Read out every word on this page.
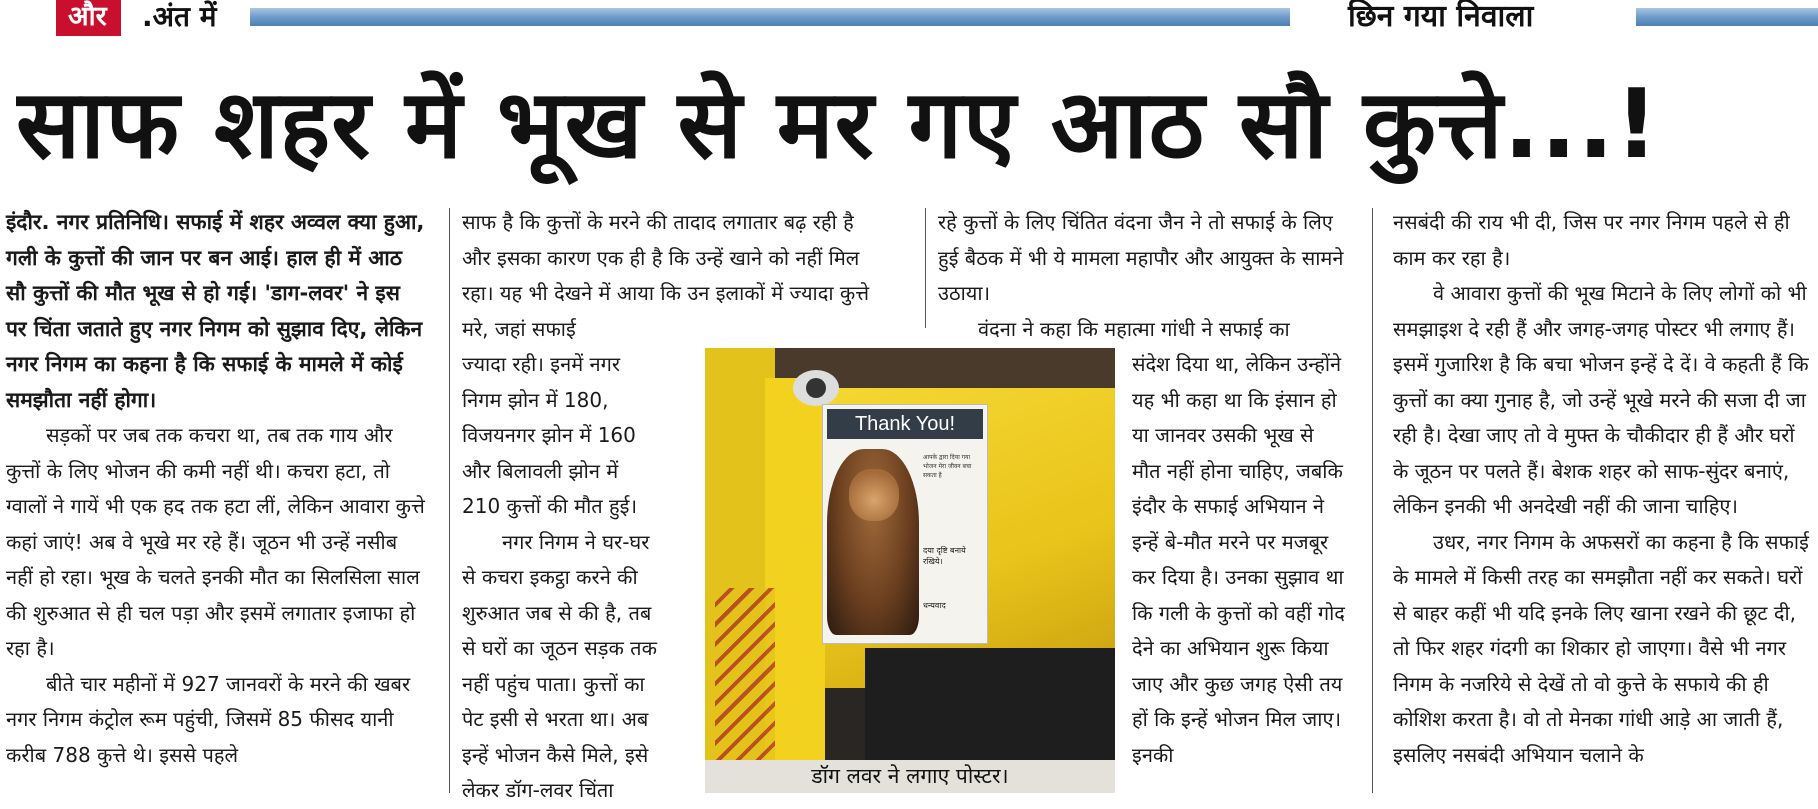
और	.अंत में	छिन गया निवाला
साफ शहर में भूख से मर गए आठ सौ कुत्ते...!

इंदौर. नगर प्रतिनिधि। सफाई में शहर अव्वल क्या हुआ, गली के कुत्तों की जान पर बन आई। हाल ही में आठ सौ कुत्तों की मौत भूख से हो गई। 'डाग-लवर' ने इस पर चिंता जताते हुए नगर निगम को सुझाव दिए, लेकिन नगर निगम का कहना है कि सफाई के मामले में कोई समझौता नहीं होगा।

सड़कों पर जब तक कचरा था, तब तक गाय और कुत्तों के लिए भोजन की कमी नहीं थी। कचरा हटा, तो ग्वालों ने गायें भी एक हद तक हटा लीं, लेकिन आवारा कुत्ते कहां जाएं! अब वे भूखे मर रहे हैं। जूठन भी उन्हें नसीब नहीं हो रहा। भूख के चलते इनकी मौत का सिलसिला साल की शुरुआत से ही चल पड़ा और इसमें लगातार इजाफा हो रहा है।

बीते चार महीनों में 927 जानवरों के मरने की खबर नगर निगम कंट्रोल रूम पहुंची, जिसमें 85 फीसद यानी करीब 788 कुत्ते थे। इससे पहले

साफ है कि कुत्तों के मरने की तादाद लगातार बढ़ रही है और इसका कारण एक ही है कि उन्हें खाने को नहीं मिल रहा। यह भी देखने में आया कि उन इलाकों में ज्यादा कुत्ते मरे, जहां सफाई

ज्यादा रही। इनमें नगर निगम झोन में 180, विजयनगर झोन में 160 और बिलावली झोन में 210 कुत्तों की मौत हुई।

नगर निगम ने घर-घर से कचरा इकट्ठा करने की शुरुआत जब से की है, तब से घरों का जूठन सड़क तक नहीं पहुंच पाता। कुत्तों का पेट इसी से भरता था। अब इन्हें भोजन कैसे मिले, इसे लेकर डॉग-लवर चिंता

रहे कुत्तों के लिए चिंतित वंदना जैन ने तो सफाई के लिए हुई बैठक में भी ये मामला महापौर और आयुक्त के सामने उठाया।

वंदना ने कहा कि महात्मा गांधी ने सफाई का

संदेश दिया था, लेकिन उन्होंने यह भी कहा था कि इंसान हो या जानवर उसकी भूख से मौत नहीं होना चाहिए, जबकि इंदौर के सफाई अभियान ने इन्हें बे-मौत मरने पर मजबूर कर दिया है। उनका सुझाव था कि गली के कुत्तों को वहीं गोद देने का अभियान शुरू किया जाए और कुछ जगह ऐसी तय हों कि इन्हें भोजन मिल जाए। इनकी

नसबंदी की राय भी दी, जिस पर नगर निगम पहले से ही काम कर रहा है।

वे आवारा कुत्तों की भूख मिटाने के लिए लोगों को भी समझाइश दे रही हैं और जगह-जगह पोस्टर भी लगाए हैं। इसमें गुजारिश है कि बचा भोजन इन्हें दे दें। वे कहती हैं कि कुत्तों का क्या गुनाह है, जो उन्हें भूखे मरने की सजा दी जा रही है। देखा जाए तो वे मुफ्त के चौकीदार ही हैं और घरों के जूठन पर पलते हैं। बेशक शहर को साफ-सुंदर बनाएं, लेकिन इनकी भी अनदेखी नहीं की जाना चाहिए।

उधर, नगर निगम के अफसरों का कहना है कि सफाई के मामले में किसी तरह का समझौता नहीं कर सकते। घरों से बाहर कहीं भी यदि इनके लिए खाना रखने की छूट दी, तो फिर शहर गंदगी का शिकार हो जाएगा। वैसे भी नगर निगम के नजरिये से देखें तो वो कुत्ते के सफाये की ही कोशिश करता है। वो तो मेनका गांधी आड़े आ जाती हैं, इसलिए नसबंदी अभियान चलाने के

Thank You!
आपके द्वारा दिया गया भोजन मेरा जीवन बचा सकता है
दया दृष्टि बनाये रखिये।
धन्यवाद
डॉग लवर ने लगाए पोस्टर।
